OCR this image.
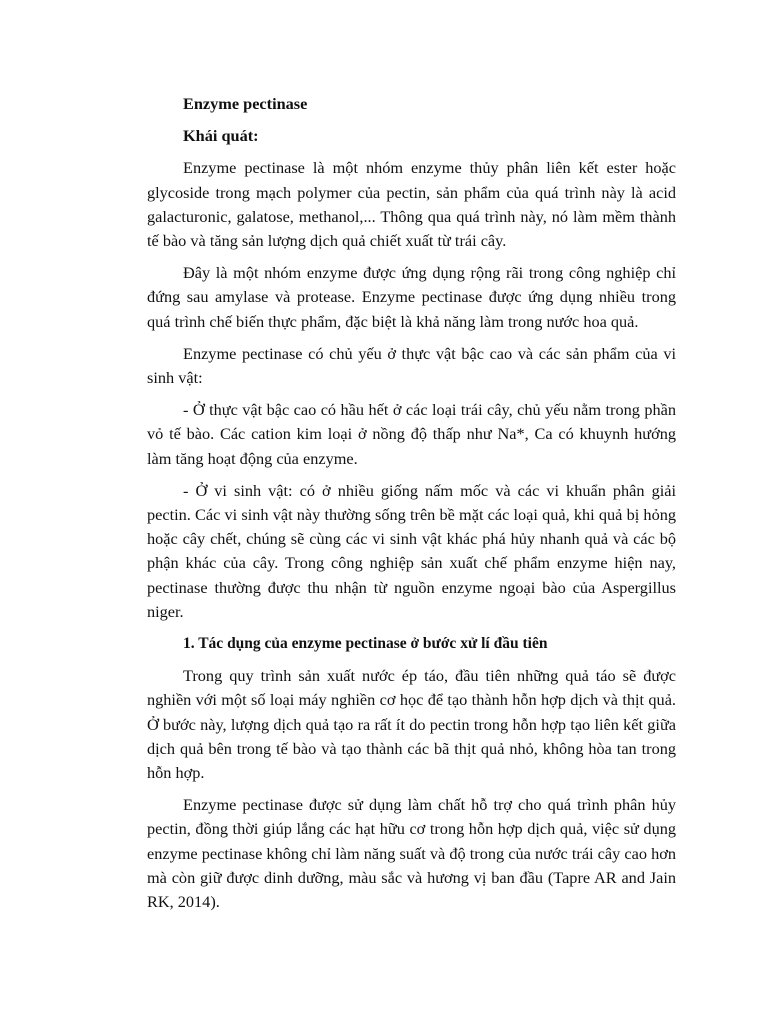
Enzyme pectinase
Khái quát:

Enzyme pectinase là một nhóm enzyme thủy phân liên kết ester hoặc glycoside trong mạch polymer của pectin, sản phẩm của quá trình này là acid galacturonic, galatose, methanol,... Thông qua quá trình này, nó làm mềm thành tế bào và tăng sản lượng dịch quả chiết xuất từ trái cây.

Đây là một nhóm enzyme được ứng dụng rộng rãi trong công nghiệp chỉ đứng sau amylase và protease. Enzyme pectinase được ứng dụng nhiều trong quá trình chế biến thực phẩm, đặc biệt là khả năng làm trong nước hoa quả.

Enzyme pectinase có chủ yếu ở thực vật bậc cao và các sản phẩm của vi sinh vật:

- Ở thực vật bậc cao có hầu hết ở các loại trái cây, chủ yếu nằm trong phần vỏ tế bào. Các cation kim loại ở nồng độ thấp như Na*, Ca có khuynh hướng làm tăng hoạt động của enzyme.

- Ở vi sinh vật: có ở nhiều giống nấm mốc và các vi khuẩn phân giải pectin. Các vi sinh vật này thường sống trên bề mặt các loại quả, khi quả bị hỏng hoặc cây chết, chúng sẽ cùng các vi sinh vật khác phá hủy nhanh quả và các bộ phận khác của cây. Trong công nghiệp sản xuất chế phẩm enzyme hiện nay, pectinase thường được thu nhận từ nguồn enzyme ngoại bào của Aspergillus niger.

1. Tác dụng của enzyme pectinase ở bước xử lí đầu tiên

Trong quy trình sản xuất nước ép táo, đầu tiên những quả táo sẽ được nghiền với một số loại máy nghiền cơ học để tạo thành hỗn hợp dịch và thịt quả. Ở bước này, lượng dịch quả tạo ra rất ít do pectin trong hỗn hợp tạo liên kết giữa dịch quả bên trong tế bào và tạo thành các bã thịt quả nhỏ, không hòa tan trong hỗn hợp.

Enzyme pectinase được sử dụng làm chất hỗ trợ cho quá trình phân hủy pectin, đồng thời giúp lắng các hạt hữu cơ trong hỗn hợp dịch quả, việc sử dụng enzyme pectinase không chỉ làm năng suất và độ trong của nước trái cây cao hơn mà còn giữ được dinh dưỡng, màu sắc và hương vị ban đầu (Tapre AR and Jain RK, 2014).
